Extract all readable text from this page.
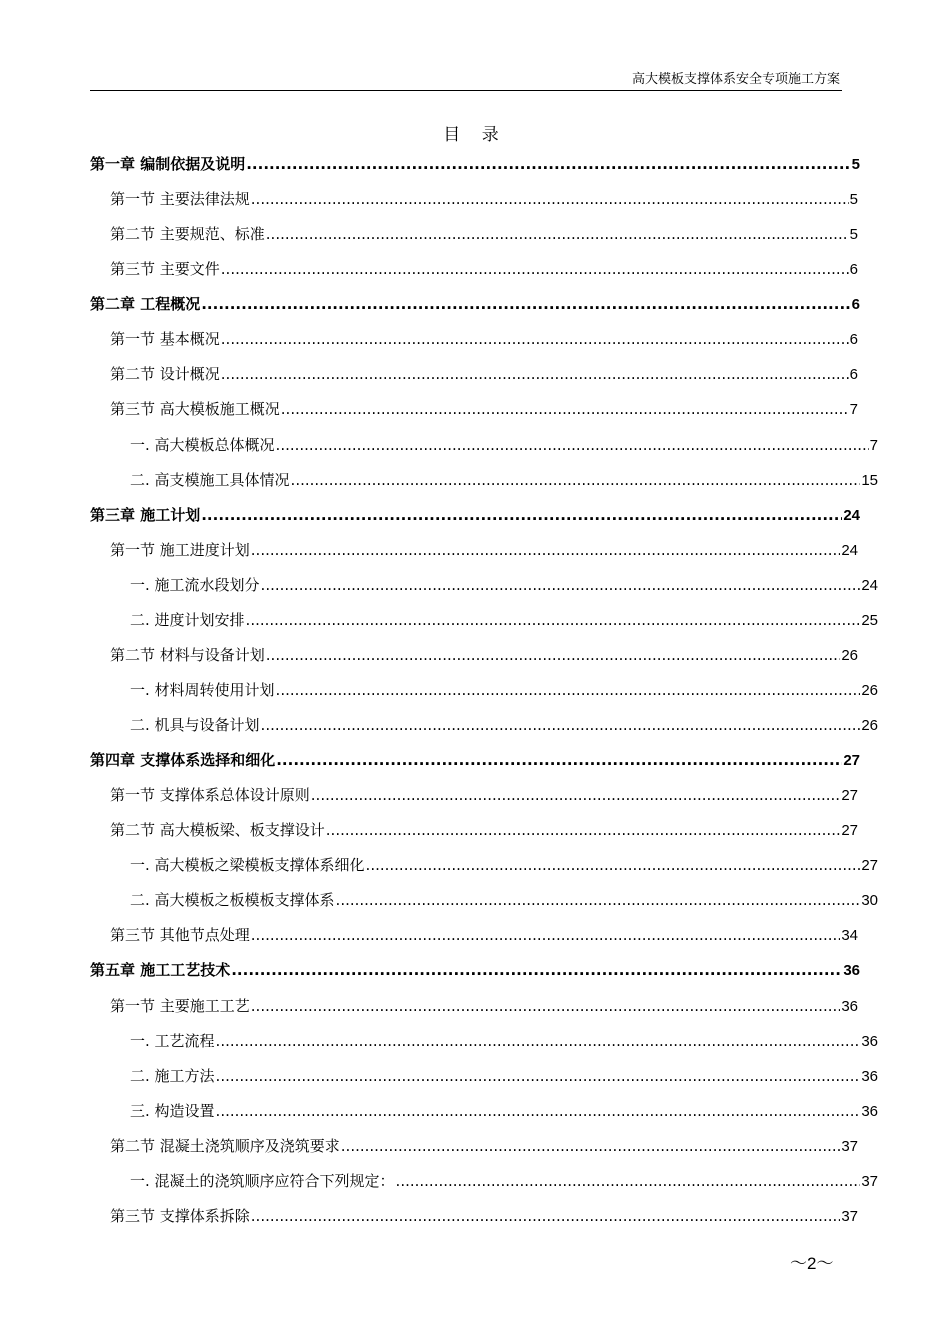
高大模板支撑体系安全专项施工方案
目 录
第一章 编制依据及说明 .....	5
第一节 主要法律法规 .....	5
第二节 主要规范、标准 .....	5
第三节 主要文件 .....	6
第二章 工程概况 .....	6
第一节 基本概况 .....	6
第二节 设计概况 .....	6
第三节 高大模板施工概况 .....	7
一. 高大模板总体概况 .....	7
二. 高支模施工具体情况 .....	15
第三章 施工计划 .....	24
第一节 施工进度计划 .....	24
一. 施工流水段划分 .....	24
二. 进度计划安排 .....	25
第二节 材料与设备计划 .....	26
一. 材料周转使用计划 .....	26
二. 机具与设备计划 .....	26
第四章 支撑体系选择和细化 .....	27
第一节 支撑体系总体设计原则 .....	27
第二节 高大模板梁、板支撑设计 .....	27
一. 高大模板之梁模板支撑体系细化 .....	27
二. 高大模板之板模板支撑体系 .....	30
第三节 其他节点处理 .....	34
第五章 施工工艺技术 .....	36
第一节 主要施工工艺 .....	36
一. 工艺流程 .....	36
二. 施工方法 .....	36
三. 构造设置 .....	36
第二节 混凝土浇筑顺序及浇筑要求 .....	37
一. 混凝土的浇筑顺序应符合下列规定： .....	37
第三节 支撑体系拆除 .....	37
～2～
